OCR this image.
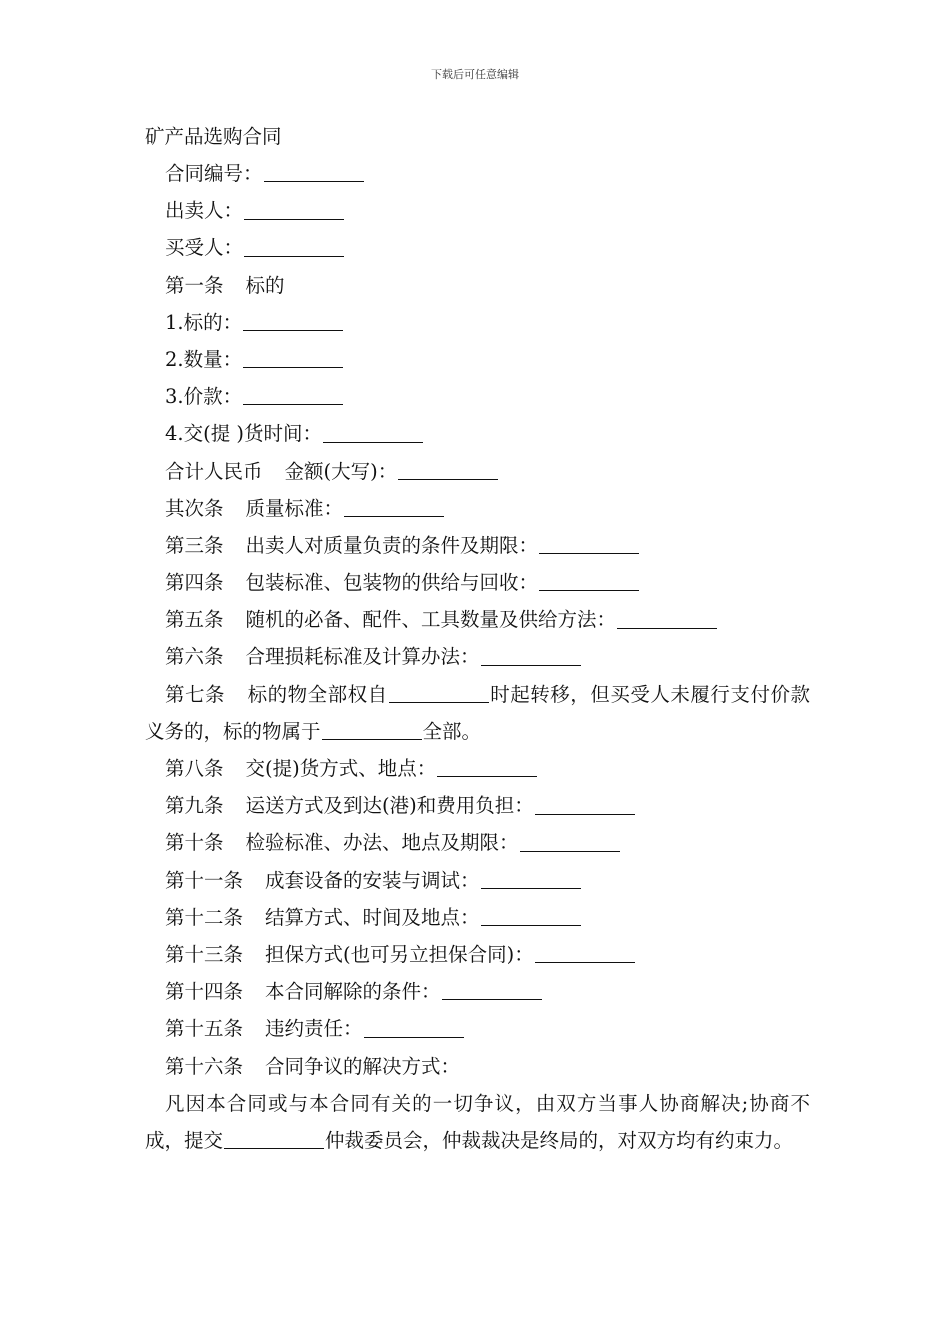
下载后可任意编辑
矿产品选购合同
合同编号：
出卖人：
买受人：
第一条 标的
1.标的：
2.数量：
3.价款：
4.交(提 )货时间：
合计人民币 金额(大写)：
其次条 质量标准：
第三条 出卖人对质量负责的条件及期限：
第四条 包装标准、包装物的供给与回收：
第五条 随机的必备、配件、工具数量及供给方法：
第六条 合理损耗标准及计算办法：
第七条 标的物全部权自	时起转移，但买受人未履行支付价款义务的，标的物属于	全部。
第八条 交(提)货方式、地点：
第九条 运送方式及到达(港)和费用负担：
第十条 检验标准、办法、地点及期限：
第十一条 成套设备的安装与调试：
第十二条 结算方式、时间及地点：
第十三条 担保方式(也可另立担保合同)：
第十四条 本合同解除的条件：
第十五条 违约责任：
第十六条 合同争议的解决方式：
凡因本合同或与本合同有关的一切争议，由双方当事人协商解决;协商不成，提交	仲裁委员会，仲裁裁决是终局的，对双方均有约束力。
